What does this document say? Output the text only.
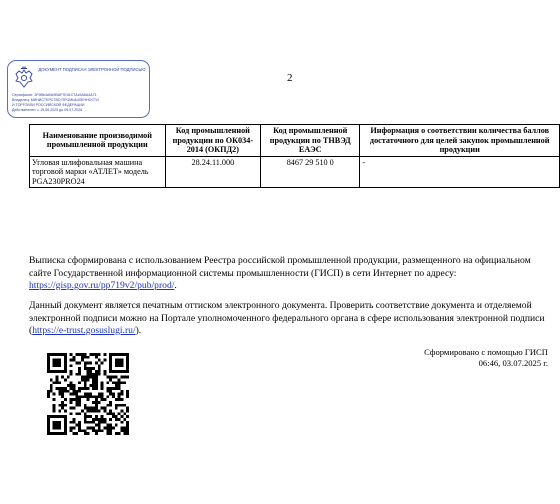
ДОКУМЕНТ ПОДПИСАН ЭЛЕКТРОННОЙ ПОДПИСЬЮ
Сертификат: 3F9Bb4a9A9BAF7Ed1C7Ac5A6A4A71
Владелец: МИНИСТЕРСТВО ПРОМЫШЛЕННОСТИ
И ТОРГОВЛИ РОССИЙСКОЙ ФЕДЕРАЦИИ
Действителен: с 19.06.2025 до 09.07.2026
2
Наименование производимой промышленной продукции	Код промышленной продукции по ОК034-2014 (ОКПД2)	Код промышленной продукции по ТНВЭД ЕАЭС	Информация о соответствии количества баллов достаточного для целей закупок промышленной продукции
Угловая шлифовальная машина торговой марки «АТЛЕТ» модель PGA230PRO24	28.24.11.000	8467 29 510 0	-

Выписка сформирована с использованием Реестра российской промышленной продукции, размещенного на официальном сайте Государственной информационной системы промышленности (ГИСП) в сети Интернет по адресу: https://gisp.gov.ru/pp719v2/pub/prod/.

Данный документ является печатным оттиском электронного документа. Проверить соответствие документа и отделяемой электронной подписи можно на Портале уполномоченного федерального органа в сфере использования электронной подписи (https://e-trust.gosuslugi.ru/).

Сформировано с помощью ГИСП
06:46, 03.07.2025 г.
